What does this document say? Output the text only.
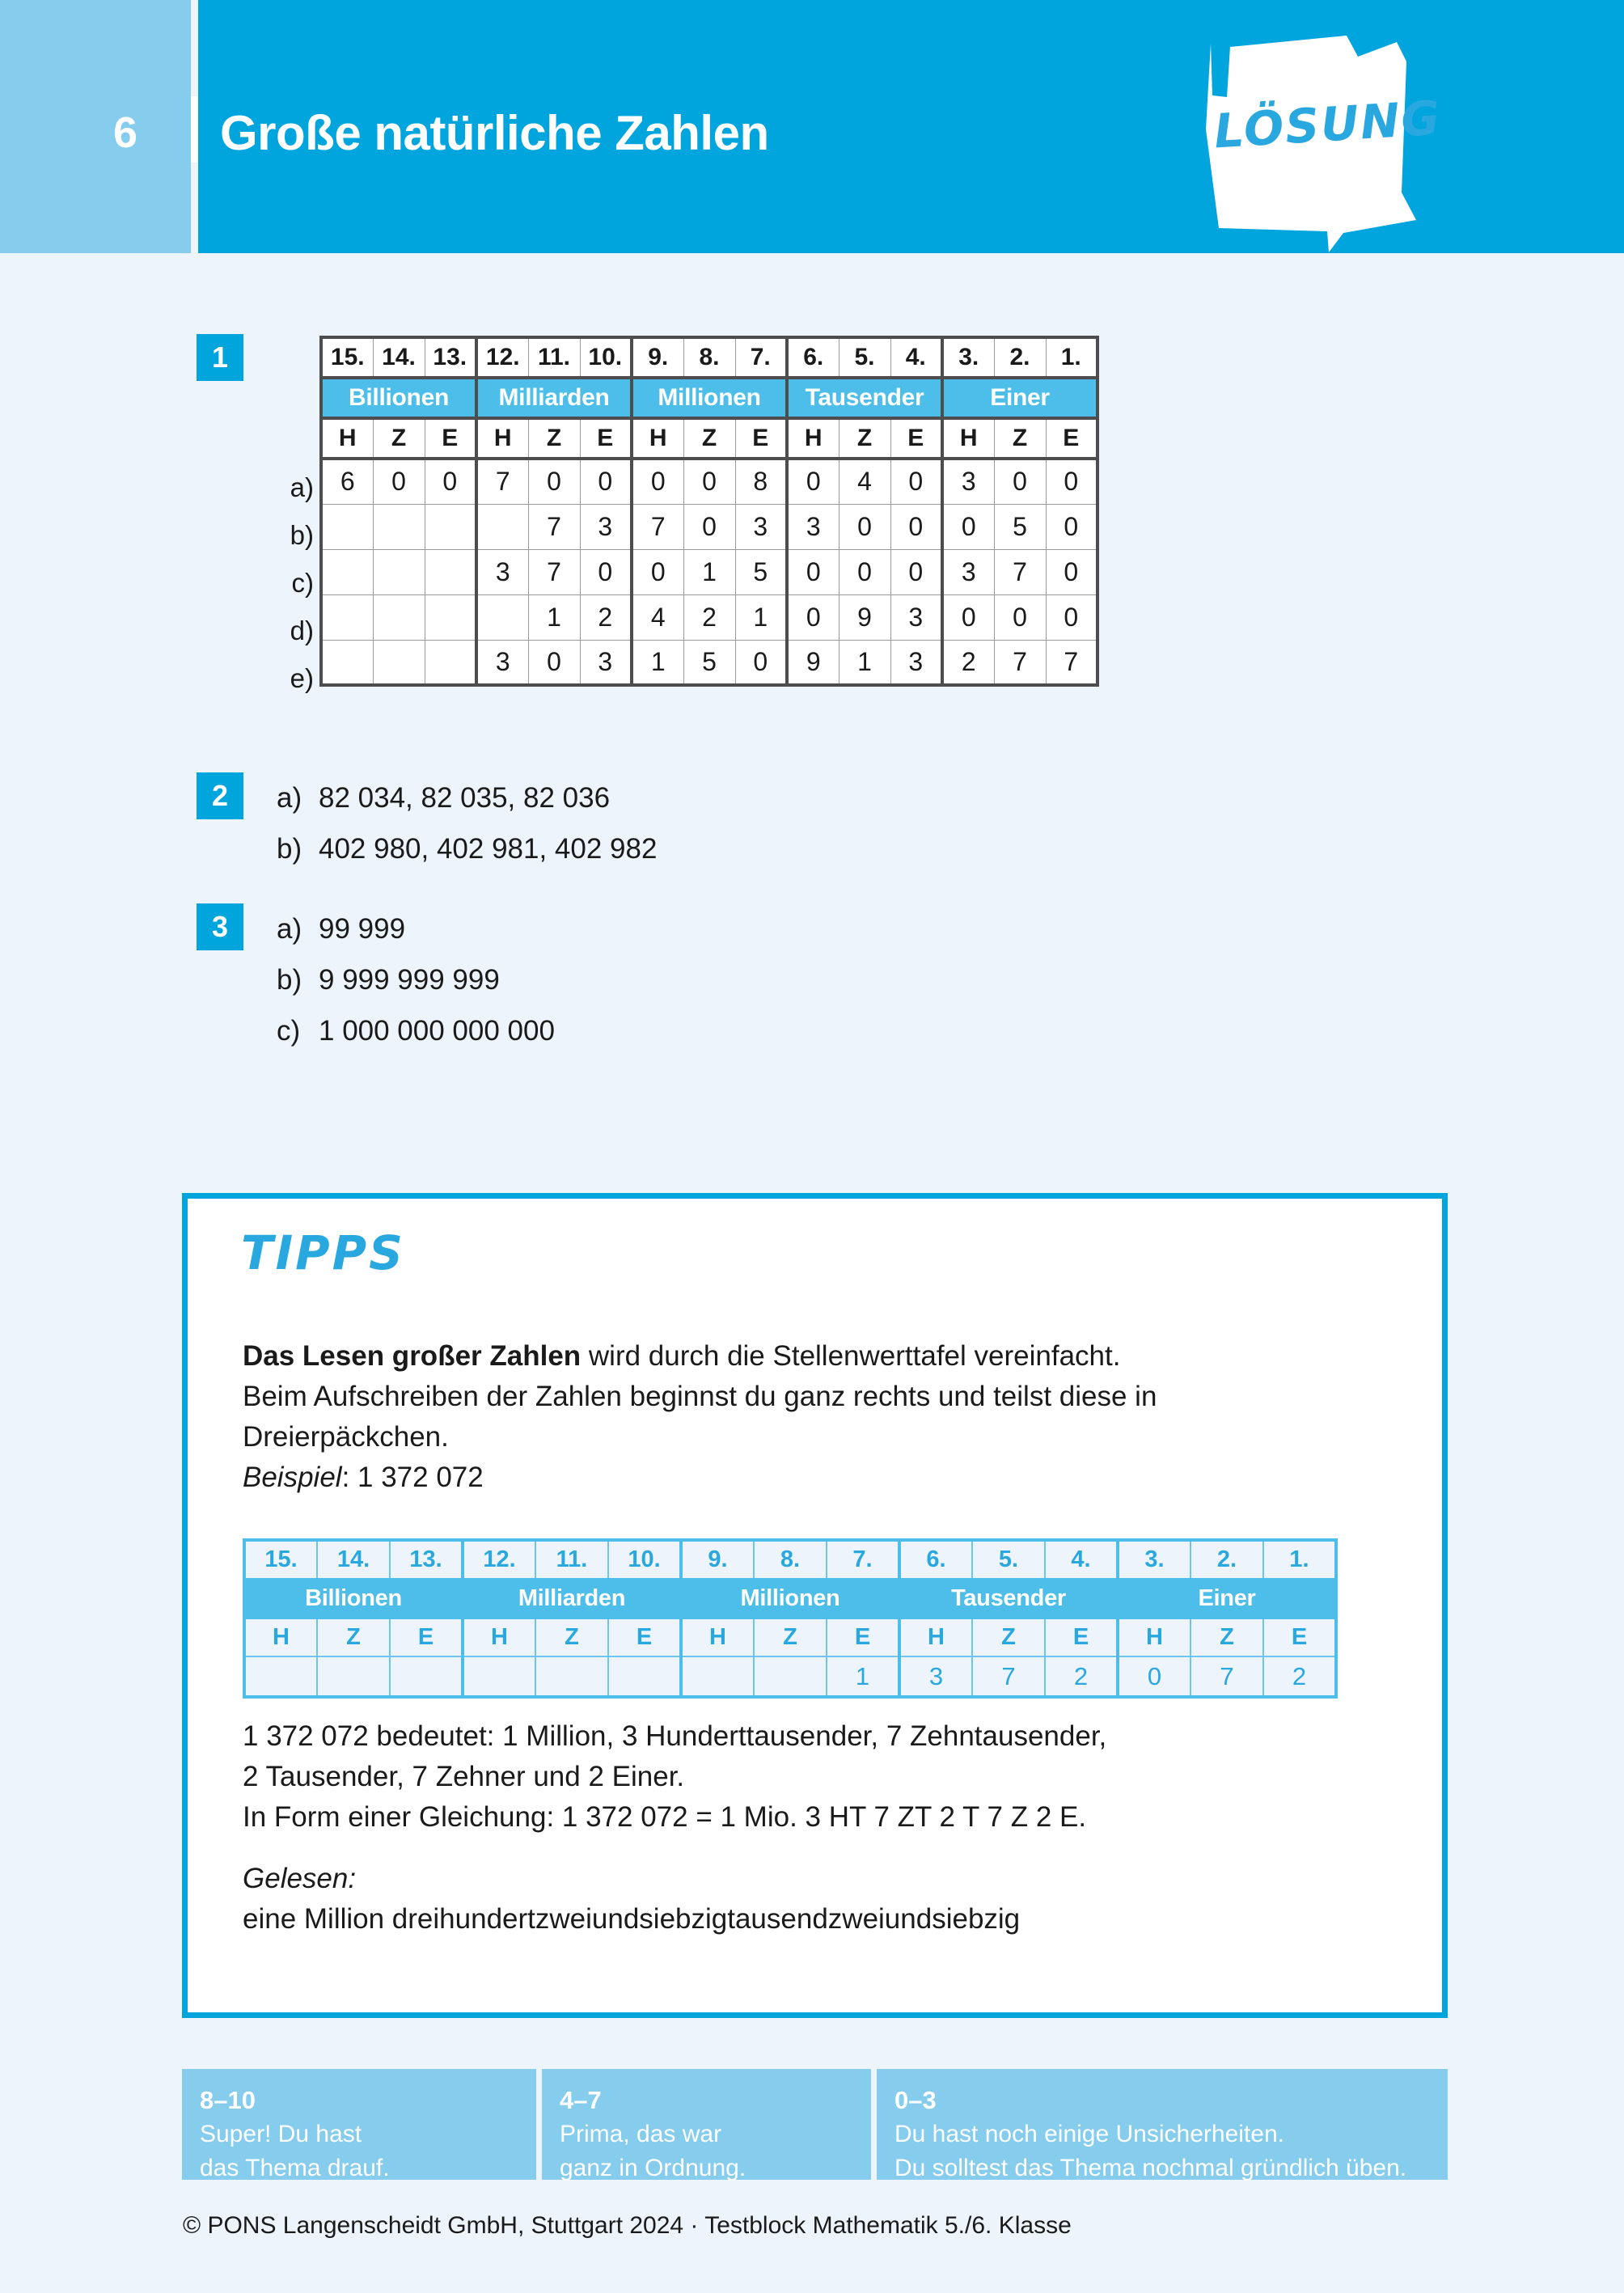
6 Große natürliche Zahlen	LÖSUNG
1
a)
b)
c)
d)
e)
15.	14.	13.	12.	11.	10.	9.	8.	7.	6.	5.	4.	3.	2.	1.
Billionen			Milliarden			Millionen			Tausender			Einer		
H	Z	E	H	Z	E	H	Z	E	H	Z	E	H	Z	E
6	0	0	7	0	0	0	0	8	0	4	0	3	0	0
				7	3	7	0	3	3	0	0	0	5	0
			3	7	0	0	1	5	0	0	0	3	7	0
				1	2	4	2	1	0	9	3	0	0	0
			3	0	3	1	5	0	9	1	3	2	7	7
2	a) 82 034, 82 035, 82 036
b) 402 980, 402 981, 402 982
3	a) 99 999
b) 9 999 999 999
c) 1 000 000 000 000
TIPPS
Das Lesen großer Zahlen wird durch die Stellenwerttafel vereinfacht.
Beim Aufschreiben der Zahlen beginnst du ganz rechts und teilst diese in
Dreierpäckchen.
Beispiel: 1 372 072
15.	14.	13.	12.	11.	10.	9.	8.	7.	6.	5.	4.	3.	2.	1.
Billionen			Milliarden			Millionen			Tausender			Einer		
H	Z	E	H	Z	E	H	Z	E	H	Z	E	H	Z	E
								1	3	7	2	0	7	2
1 372 072 bedeutet: 1 Million, 3 Hunderttausender, 7 Zehntausender,
2 Tausender, 7 Zehner und 2 Einer.
In Form einer Gleichung: 1 372 072 = 1 Mio. 3 HT 7 ZT 2 T 7 Z 2 E.
Gelesen:
eine Million dreihundertzweiundsiebzigtausendzweiundsiebzig
8–10
Super! Du hast
das Thema drauf.
4–7
Prima, das war
ganz in Ordnung.
0–3
Du hast noch einige Unsicherheiten.
Du solltest das Thema nochmal gründlich üben.
© PONS Langenscheidt GmbH, Stuttgart 2024 · Testblock Mathematik 5./6. Klasse
